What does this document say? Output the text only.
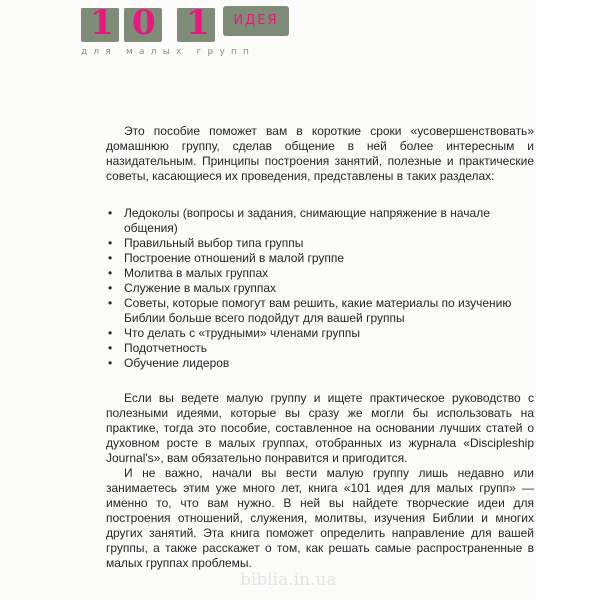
1 0 1	ИДЕЯ
для малых групп

Это пособие поможет вам в короткие сроки «усовершенствовать» домашнюю группу, сделав общение в ней более интересным и назидательным. Принципы построения занятий, полезные и практические советы, касающиеся их проведения, представлены в таких разделах:

• Ледоколы (вопросы и задания, снимающие напряжение в начале общения)
• Правильный выбор типа группы
• Построение отношений в малой группе
• Молитва в малых группах
• Служение в малых группах
• Советы, которые помогут вам решить, какие материалы по изучению Библии больше всего подойдут для вашей группы
• Что делать с «трудными» членами группы
• Подотчетность
• Обучение лидеров

Если вы ведете малую группу и ищете практическое руководство с полезными идеями, которые вы сразу же могли бы использовать на практике, тогда это пособие, составленное на основании лучших статей о духовном росте в малых группах, отобранных из журнала «Discipleship Journal's», вам обязательно понравится и пригодится.

И не важно, начали вы вести малую группу лишь недавно или занимаетесь этим уже много лет, книга «101 идея для малых групп» — именно то, что вам нужно. В ней вы найдете творческие идеи для построения отношений, служения, молитвы, изучения Библии и многих других занятий. Эта книга поможет определить направление для вашей группы, а также расскажет о том, как решать самые распространенные в малых группах проблемы.

biblia.in.ua
